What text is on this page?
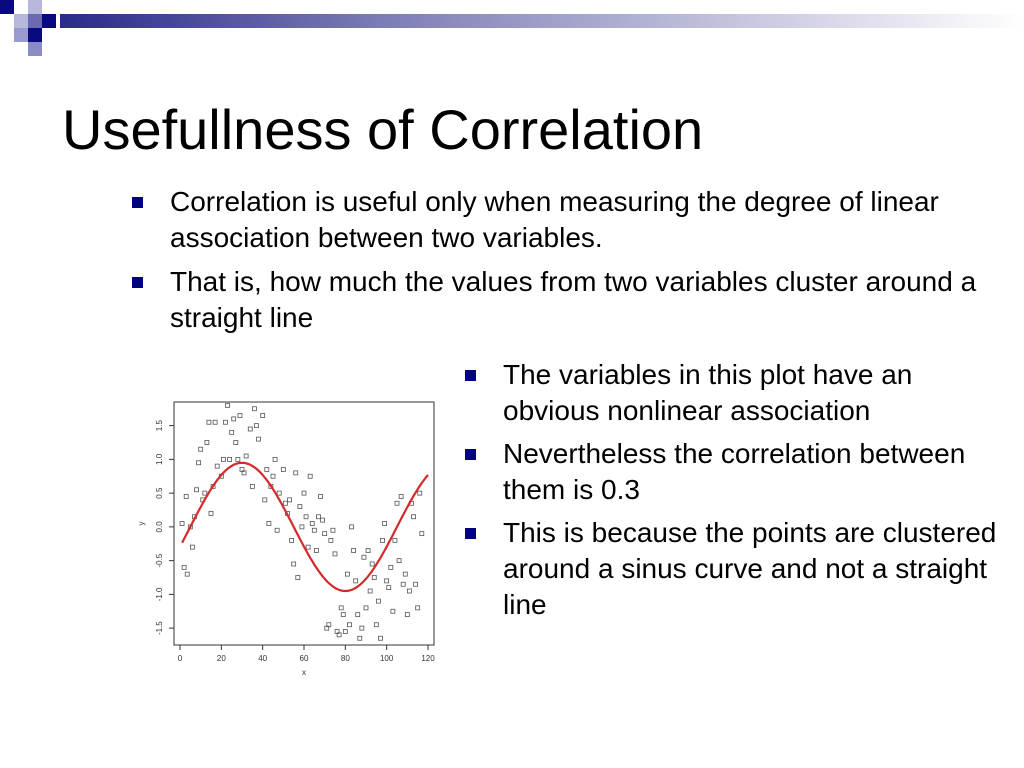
Usefullness of Correlation
Correlation is useful only when measuring the degree of linear association between two variables.
That is, how much the values from two variables cluster around a straight line
The variables in this plot have an obvious nonlinear association
Nevertheless the correlation between them is 0.3
This is because the points are clustered around a sinus curve and not a straight line
0	20	40	60	80	100	120
-1.5
-1.0
-0.5
0.0
0.5
1.0
1.5
x
y
